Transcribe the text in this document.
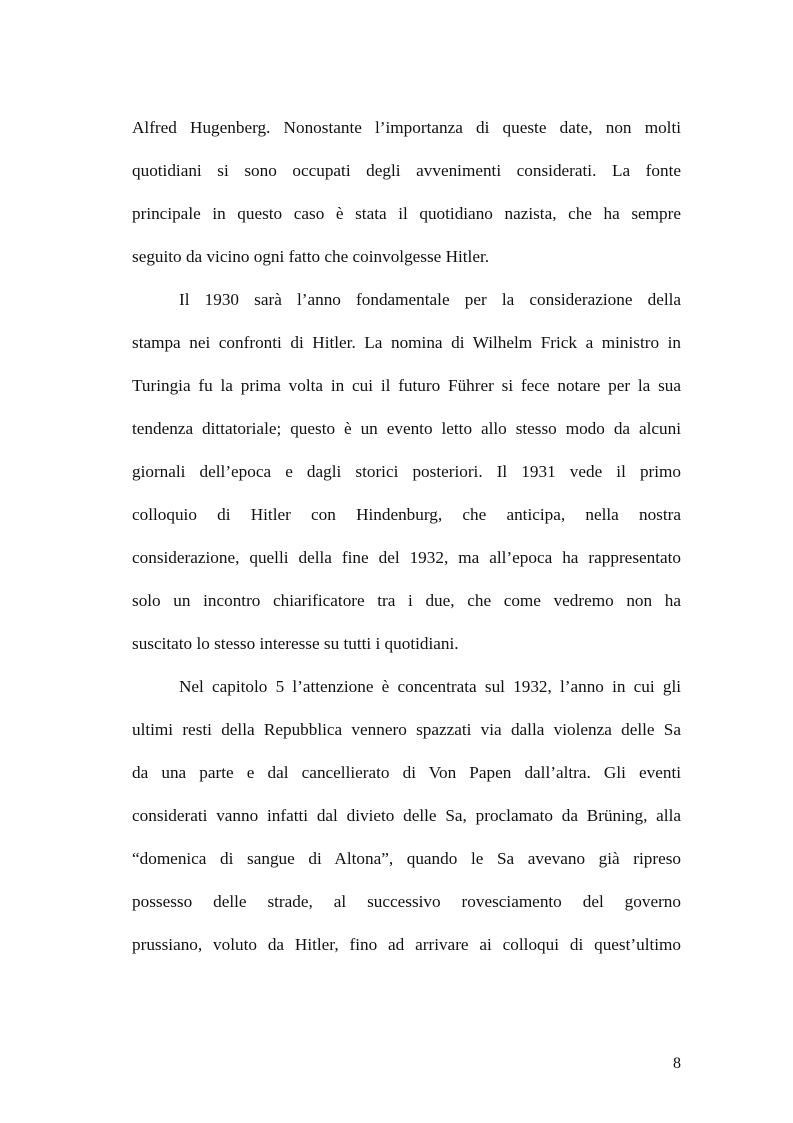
Alfred Hugenberg. Nonostante l’importanza di queste date, non molti
quotidiani si sono occupati degli avvenimenti considerati. La fonte
principale in questo caso è stata il quotidiano nazista, che ha sempre
seguito da vicino ogni fatto che coinvolgesse Hitler.
Il 1930 sarà l’anno fondamentale per la considerazione della
stampa nei confronti di Hitler. La nomina di Wilhelm Frick a ministro in
Turingia fu la prima volta in cui il futuro Führer si fece notare per la sua
tendenza dittatoriale; questo è un evento letto allo stesso modo da alcuni
giornali dell’epoca e dagli storici posteriori. Il 1931 vede il primo
colloquio di Hitler con Hindenburg, che anticipa, nella nostra
considerazione, quelli della fine del 1932, ma all’epoca ha rappresentato
solo un incontro chiarificatore tra i due, che come vedremo non ha
suscitato lo stesso interesse su tutti i quotidiani.
Nel capitolo 5 l’attenzione è concentrata sul 1932, l’anno in cui gli
ultimi resti della Repubblica vennero spazzati via dalla violenza delle Sa
da una parte e dal cancellierato di Von Papen dall’altra. Gli eventi
considerati vanno infatti dal divieto delle Sa, proclamato da Brüning, alla
“domenica di sangue di Altona”, quando le Sa avevano già ripreso
possesso delle strade, al successivo rovesciamento del governo
prussiano, voluto da Hitler, fino ad arrivare ai colloqui di quest’ultimo
8
